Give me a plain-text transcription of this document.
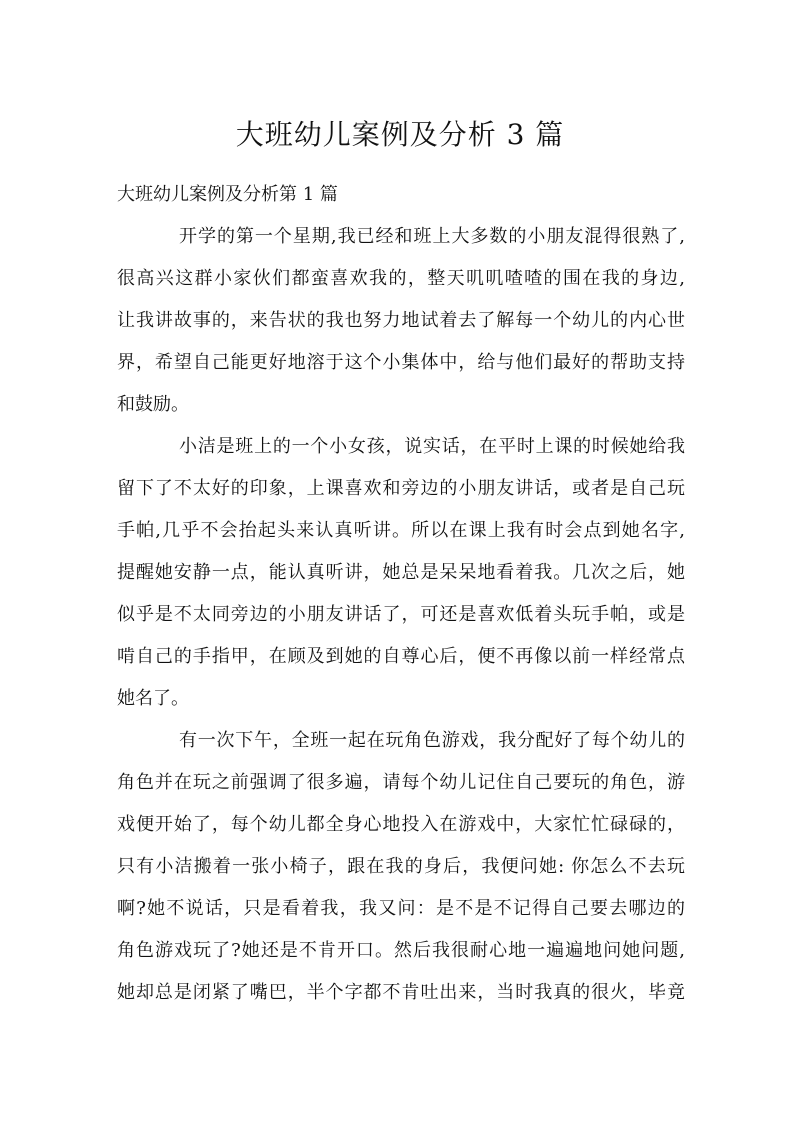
大班幼儿案例及分析 3 篇
大班幼儿案例及分析第 1 篇
开学的第一个星期,我已经和班上大多数的小朋友混得很熟了,
很高兴这群小家伙们都蛮喜欢我的，整天叽叽喳喳的围在我的身边,
让我讲故事的，来告状的我也努力地试着去了解每一个幼儿的内心世
界，希望自己能更好地溶于这个小集体中，给与他们最好的帮助支持
和鼓励。
小洁是班上的一个小女孩，说实话，在平时上课的时候她给我
留下了不太好的印象，上课喜欢和旁边的小朋友讲话，或者是自己玩
手帕,几乎不会抬起头来认真听讲。所以在课上我有时会点到她名字,
提醒她安静一点，能认真听讲，她总是呆呆地看着我。几次之后，她
似乎是不太同旁边的小朋友讲话了，可还是喜欢低着头玩手帕，或是
啃自己的手指甲，在顾及到她的自尊心后，便不再像以前一样经常点
她名了。
有一次下午，全班一起在玩角色游戏，我分配好了每个幼儿的
角色并在玩之前强调了很多遍，请每个幼儿记住自己要玩的角色，游
戏便开始了，每个幼儿都全身心地投入在游戏中，大家忙忙碌碌的，
只有小洁搬着一张小椅子，跟在我的身后，我便问她: 你怎么不去玩
啊?她不说话，只是看着我，我又问：是不是不记得自己要去哪边的
角色游戏玩了?她还是不肯开口。然后我很耐心地一遍遍地问她问题,
她却总是闭紧了嘴巴，半个字都不肯吐出来，当时我真的很火，毕竟
